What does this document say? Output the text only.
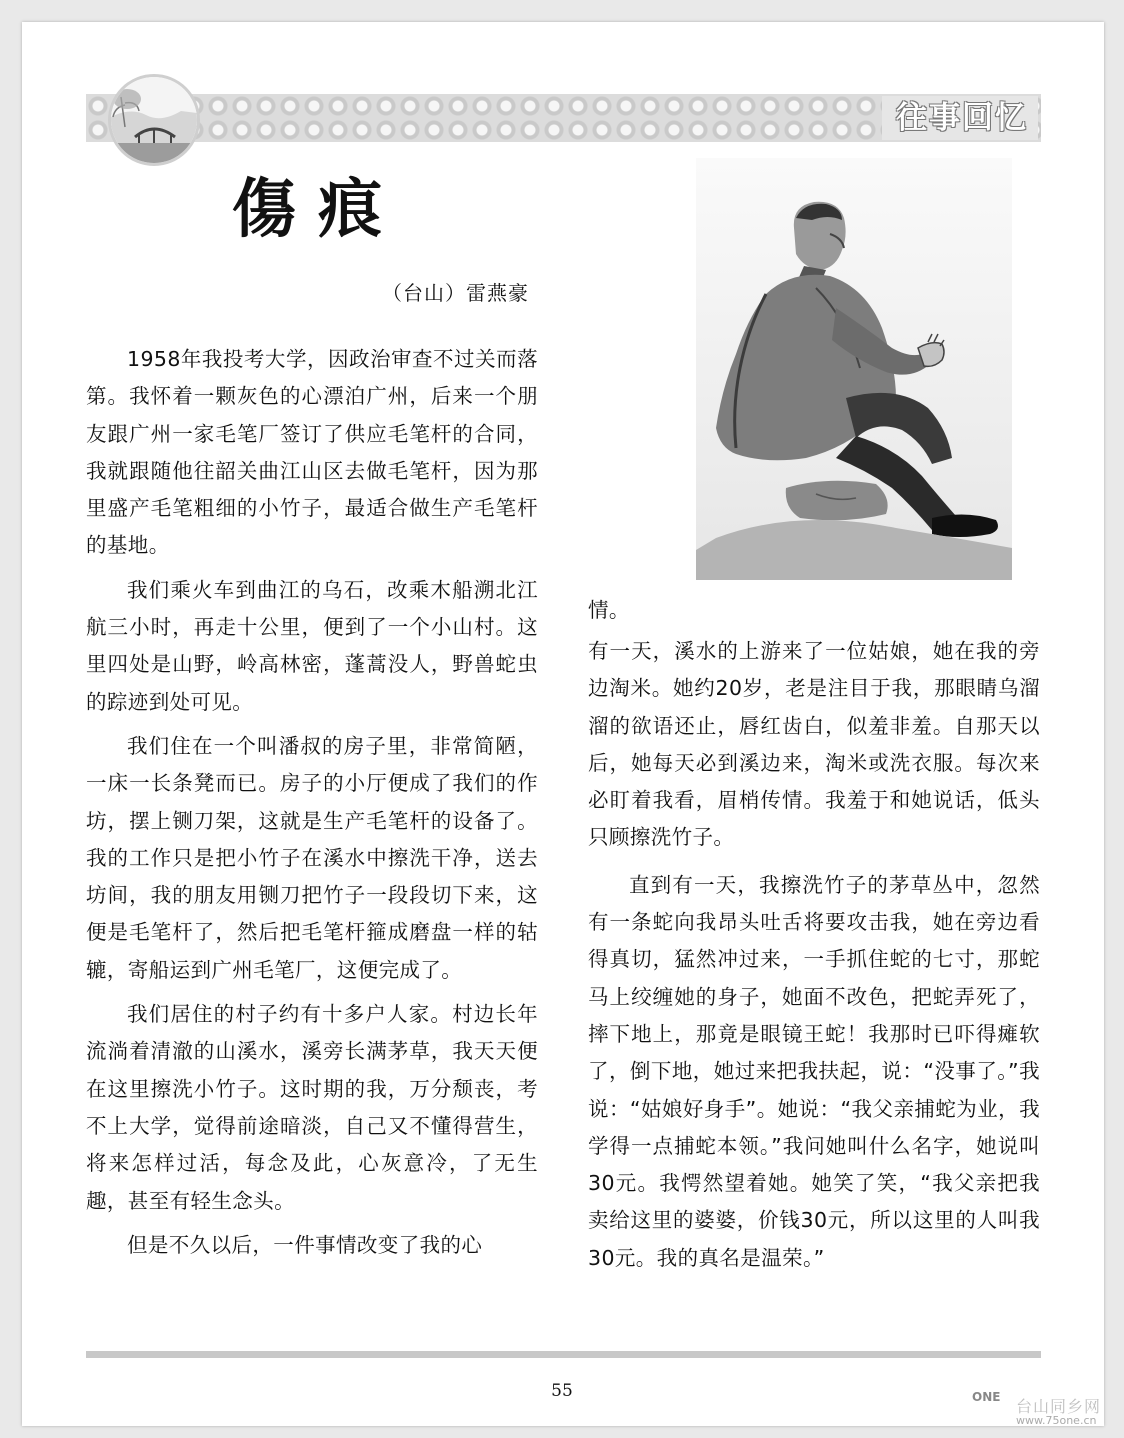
往事回忆
傷痕
（台山）雷燕豪

1958年我投考大学，因政治审查不过关而落第。我怀着一颗灰色的心漂泊广州，后来一个朋友跟广州一家毛笔厂签订了供应毛笔杆的合同，我就跟随他往韶关曲江山区去做毛笔杆，因为那里盛产毛笔粗细的小竹子，最适合做生产毛笔杆的基地。

我们乘火车到曲江的乌石，改乘木船溯北江航三小时，再走十公里，便到了一个小山村。这里四处是山野，岭高林密，蓬蒿没人，野兽蛇虫的踪迹到处可见。

我们住在一个叫潘叔的房子里，非常简陋，一床一长条凳而已。房子的小厅便成了我们的作坊，摆上铡刀架，这就是生产毛笔杆的设备了。我的工作只是把小竹子在溪水中擦洗干净，送去坊间，我的朋友用铡刀把竹子一段段切下来，这便是毛笔杆了，然后把毛笔杆箍成磨盘一样的轱辘，寄船运到广州毛笔厂，这便完成了。

我们居住的村子约有十多户人家。村边长年流淌着清澈的山溪水，溪旁长满茅草，我天天便在这里擦洗小竹子。这时期的我，万分颓丧，考不上大学，觉得前途暗淡，自己又不懂得营生，将来怎样过活，每念及此，心灰意冷，了无生趣，甚至有轻生念头。

但是不久以后，一件事情改变了我的心

情。

有一天，溪水的上游来了一位姑娘，她在我的旁边淘米。她约20岁，老是注目于我，那眼睛乌溜溜的欲语还止，唇红齿白，似羞非羞。自那天以后，她每天必到溪边来，淘米或洗衣服。每次来必盯着我看，眉梢传情。我羞于和她说话，低头只顾擦洗竹子。

直到有一天，我擦洗竹子的茅草丛中，忽然有一条蛇向我昂头吐舌将要攻击我，她在旁边看得真切，猛然冲过来，一手抓住蛇的七寸，那蛇马上绞缠她的身子，她面不改色，把蛇弄死了，摔下地上，那竟是眼镜王蛇！我那时已吓得瘫软了，倒下地，她过来把我扶起，说：“没事了。”我说：“姑娘好身手”。她说：“我父亲捕蛇为业，我学得一点捕蛇本领。”我问她叫什么名字，她说叫30元。我愕然望着她。她笑了笑，“我父亲把我卖给这里的婆婆，价钱30元，所以这里的人叫我30元。我的真名是温荣。”

55	ONE 台山同乡网
www.75one.cn
